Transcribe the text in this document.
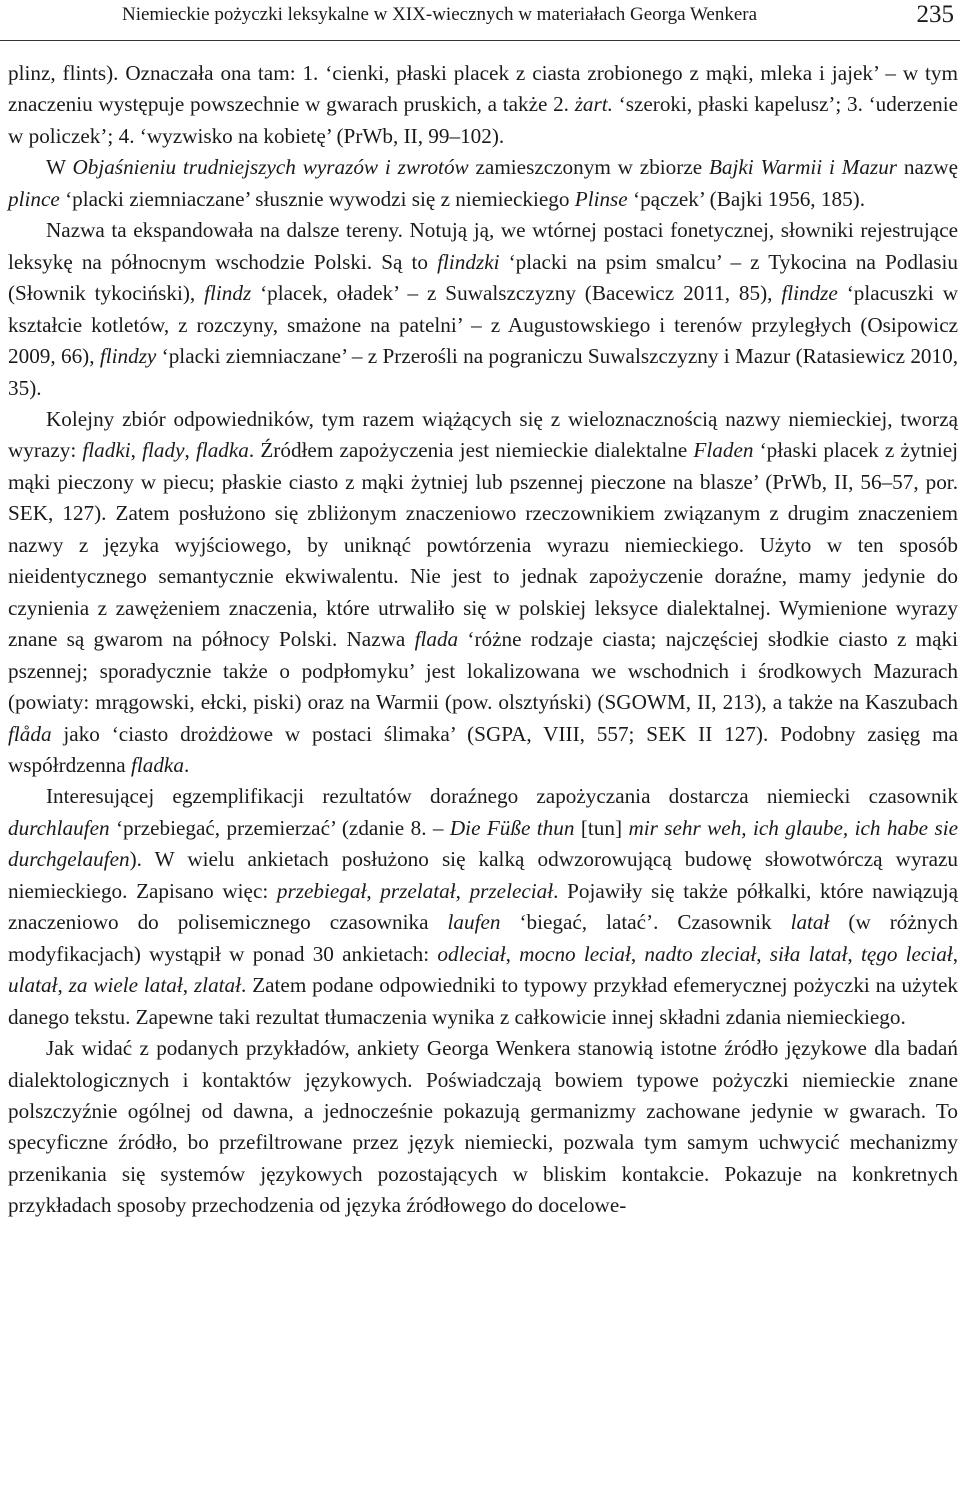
Niemieckie pożyczki leksykalne w XIX-wiecznych w materiałach Georga Wenkera	235

plinz, flints). Oznaczała ona tam: 1. ‘cienki, płaski placek z ciasta zrobionego z mąki, mleka i jajek’ – w tym znaczeniu występuje powszechnie w gwarach pruskich, a także 2. żart. ‘szeroki, płaski kapelusz’; 3. ‘uderzenie w policzek’; 4. ‘wyzwisko na kobietę’ (PrWb, II, 99–102).

W Objaśnieniu trudniejszych wyrazów i zwrotów zamieszczonym w zbiorze Bajki Warmii i Mazur nazwę plince ‘placki ziemniaczane’ słusznie wywodzi się z niemieckiego Plinse ‘pączek’ (Bajki 1956, 185).

Nazwa ta ekspandowała na dalsze tereny. Notują ją, we wtórnej postaci fonetycznej, słowniki rejestrujące leksykę na północnym wschodzie Polski. Są to flindzki ‘placki na psim smalcu’ – z Tykocina na Podlasiu (Słownik tykociński), flindz ‘placek, oładek’ – z Suwalszczyzny (Bacewicz 2011, 85), flindze ‘placuszki w kształcie kotletów, z rozczyny, smażone na patelni’ – z Augustowskiego i terenów przyległych (Osipowicz 2009, 66), flindzy ‘placki ziemniaczane’ – z Przerośli na pograniczu Suwalszczyzny i Mazur (Ratasiewicz 2010, 35).

Kolejny zbiór odpowiedników, tym razem wiążących się z wieloznacznością nazwy niemieckiej, tworzą wyrazy: fladki, flady, fladka. Źródłem zapożyczenia jest niemieckie dialektalne Fladen ‘płaski placek z żytniej mąki pieczony w piecu; płaskie ciasto z mąki żytniej lub pszennej pieczone na blasze’ (PrWb, II, 56–57, por. SEK, 127). Zatem posłużono się zbliżonym znaczeniowo rzeczownikiem związanym z drugim znaczeniem nazwy z języka wyjściowego, by uniknąć powtórzenia wyrazu niemieckiego. Użyto w ten sposób nieidentycznego semantycznie ekwiwalentu. Nie jest to jednak zapożyczenie doraźne, mamy jedynie do czynienia z zawężeniem znaczenia, które utrwaliło się w polskiej leksyce dialektalnej. Wymienione wyrazy znane są gwarom na północy Polski. Nazwa flada ‘różne rodzaje ciasta; najczęściej słodkie ciasto z mąki pszennej; sporadycznie także o podpłomyku’ jest lokalizowana we wschodnich i środkowych Mazurach (powiaty: mrągowski, ełcki, piski) oraz na Warmii (pow. olsztyński) (SGOWM, II, 213), a także na Kaszubach flåda jako ‘ciasto drożdżowe w postaci ślimaka’ (SGPA, VIII, 557; SEK II 127). Podobny zasięg ma współrdzenna fladka.

Interesującej egzemplifikacji rezultatów doraźnego zapożyczania dostarcza niemiecki czasownik durchlaufen ‘przebiegać, przemierzać’ (zdanie 8. – Die Füße thun [tun] mir sehr weh, ich glaube, ich habe sie durchgelaufen). W wielu ankietach posłużono się kalką odwzorowującą budowę słowotwórczą wyrazu niemieckiego. Zapisano więc: przebiegał, przelatał, przeleciał. Pojawiły się także półkalki, które nawiązują znaczeniowo do polisemicznego czasownika laufen ‘biegać, latać’. Czasownik latał (w różnych modyfikacjach) wystąpił w ponad 30 ankietach: odleciał, mocno leciał, nadto zleciał, siła latał, tęgo leciał, ulatał, za wiele latał, zlatał. Zatem podane odpowiedniki to typowy przykład efemerycznej pożyczki na użytek danego tekstu. Zapewne taki rezultat tłumaczenia wynika z całkowicie innej składni zdania niemieckiego.

Jak widać z podanych przykładów, ankiety Georga Wenkera stanowią istotne źródło językowe dla badań dialektologicznych i kontaktów językowych. Poświadczają bowiem typowe pożyczki niemieckie znane polszczyźnie ogólnej od dawna, a jednocześnie pokazują germanizmy zachowane jedynie w gwarach. To specyficzne źródło, bo przefiltrowane przez język niemiecki, pozwala tym samym uchwycić mechanizmy przenikania się systemów językowych pozostających w bliskim kontakcie. Pokazuje na konkretnych przykładach sposoby przechodzenia od języka źródłowego do docelowe-
